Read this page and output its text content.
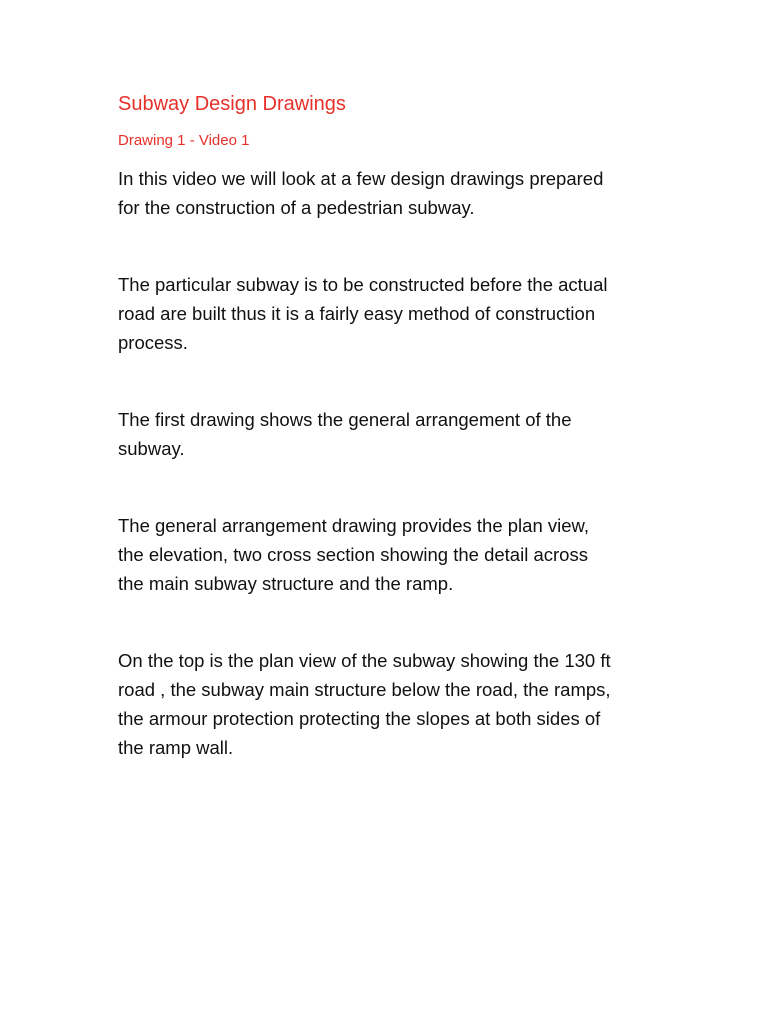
Subway Design Drawings
Drawing 1 - Video 1
In this video we will look at a few design drawings prepared
for the construction of a pedestrian subway.
The particular subway is to be constructed before the actual
road are built thus it is a fairly easy method of construction
process.
The first drawing shows the general arrangement of the
subway.
The general arrangement drawing provides the plan view,
the elevation, two cross section showing the detail across
the main subway structure and the ramp.
On the top is the plan view of the subway showing the 130 ft
road , the subway main structure below the road, the ramps,
the armour protection protecting the slopes at both sides of
the ramp wall.
